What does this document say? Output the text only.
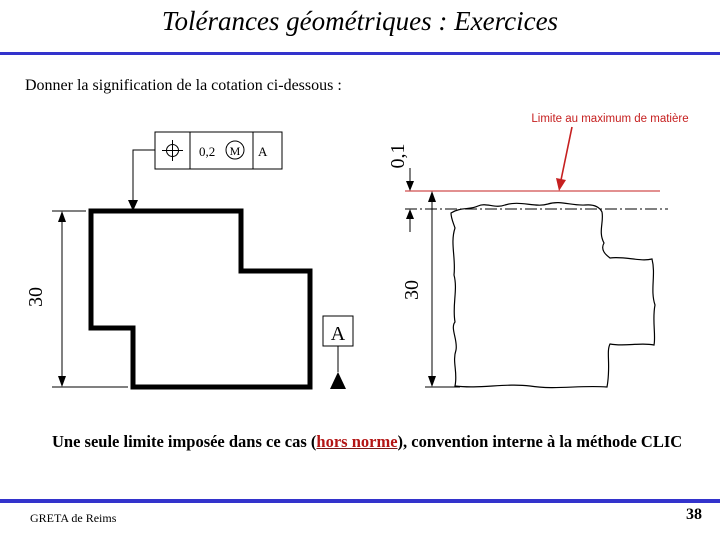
Tolérances géométriques : Exercices
Donner la signification de la cotation ci-dessous :
0,2 M A
30
A
0,1
30
Limite au maximum de matière
Une seule limite imposée dans ce cas (hors norme), convention interne à la méthode CLIC
GRETA de Reims	38
